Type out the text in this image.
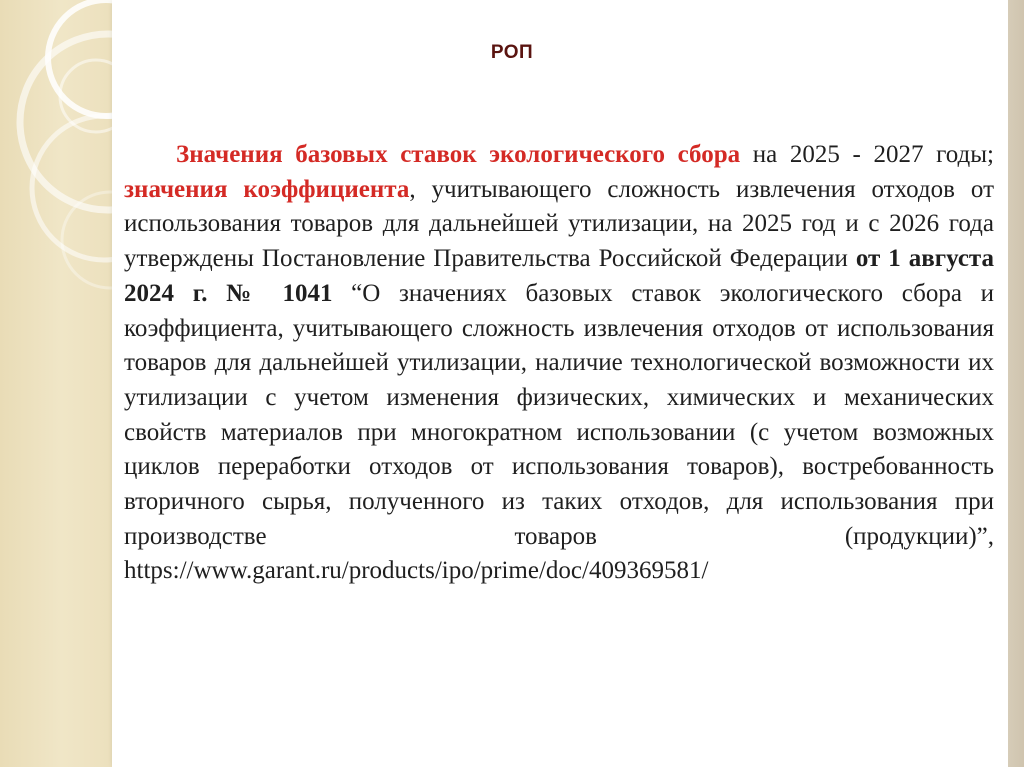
РОП

Значения базовых ставок экологического сбора на 2025 - 2027 годы; значения коэффициента, учитывающего сложность извлечения отходов от использования товаров для дальнейшей утилизации, на 2025 год и с 2026 года утверждены Постановление Правительства Российской Федерации от 1 августа 2024 г. № 1041 “О значениях базовых ставок экологического сбора и коэффициента, учитывающего сложность извлечения отходов от использования товаров для дальнейшей утилизации, наличие технологической возможности их утилизации с учетом изменения физических, химических и механических свойств материалов при многократном использовании (с учетом возможных циклов переработки отходов от использования товаров), востребованность вторичного сырья, полученного из таких отходов, для использования при производстве товаров (продукции)”, https://www.garant.ru/products/ipo/prime/doc/409369581/
